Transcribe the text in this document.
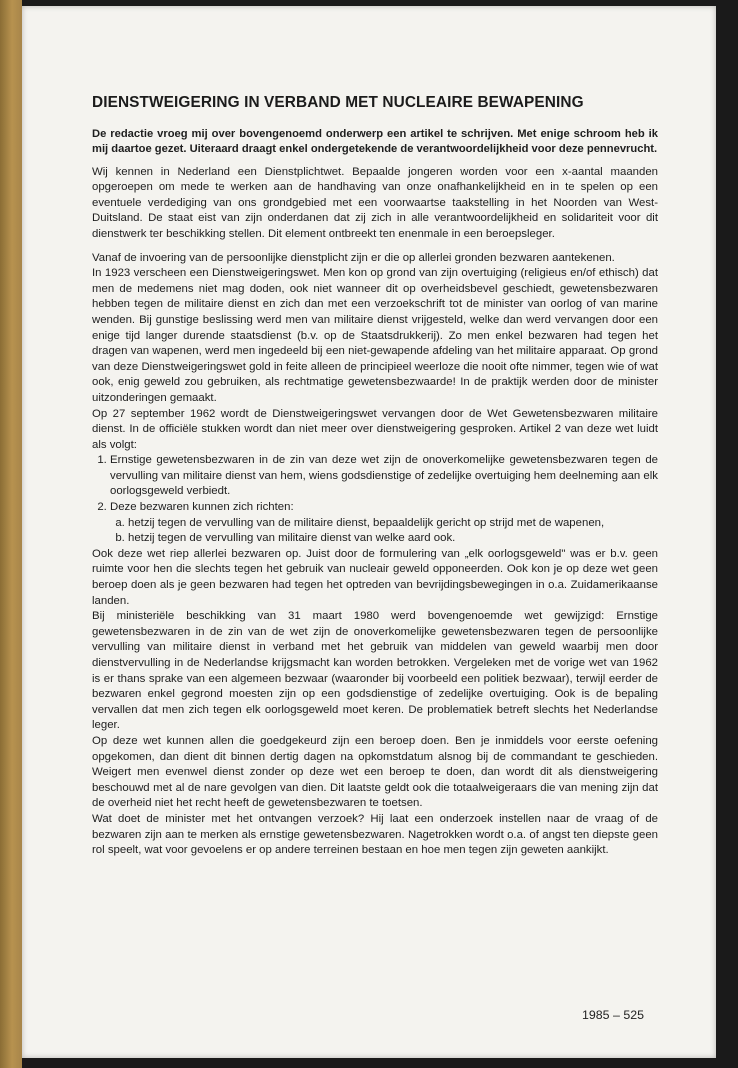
DIENSTWEIGERING IN VERBAND MET NUCLEAIRE BEWAPENING

De redactie vroeg mij over bovengenoemd onderwerp een artikel te schrijven. Met enige schroom heb ik mij daartoe gezet. Uiteraard draagt enkel ondergetekende de verantwoordelijkheid voor deze pennevrucht.

Wij kennen in Nederland een Dienstplichtwet. Bepaalde jongeren worden voor een x-aantal maanden opgeroepen om mede te werken aan de handhaving van onze onafhankelijkheid en in te spelen op een eventuele verdediging van ons grondgebied met een voorwaartse taakstelling in het Noorden van West-Duitsland. De staat eist van zijn onderdanen dat zij zich in alle verantwoordelijkheid en solidariteit voor dit dienstwerk ter beschikking stellen. Dit element ontbreekt ten enenmale in een beroepsleger.

Vanaf de invoering van de persoonlijke dienstplicht zijn er die op allerlei gronden bezwaren aantekenen.

In 1923 verscheen een Dienstweigeringswet. Men kon op grond van zijn overtuiging (religieus en/of ethisch) dat men de medemens niet mag doden, ook niet wanneer dit op overheidsbevel geschiedt, gewetensbezwaren hebben tegen de militaire dienst en zich dan met een verzoekschrift tot de minister van oorlog of van marine wenden. Bij gunstige beslissing werd men van militaire dienst vrijgesteld, welke dan werd vervangen door een enige tijd langer durende staatsdienst (b.v. op de Staatsdrukkerij). Zo men enkel bezwaren had tegen het dragen van wapenen, werd men ingedeeld bij een niet-gewapende afdeling van het militaire apparaat. Op grond van deze Dienstweigeringswet gold in feite alleen de principieel weerloze die nooit ofte nimmer, tegen wie of wat ook, enig geweld zou gebruiken, als rechtmatige gewetensbezwaarde! In de praktijk werden door de minister uitzonderingen gemaakt.

Op 27 september 1962 wordt de Dienstweigeringswet vervangen door de Wet Gewetensbezwaren militaire dienst. In de officiële stukken wordt dan niet meer over dienstweigering gesproken. Artikel 2 van deze wet luidt als volgt:

1. Ernstige gewetensbezwaren in de zin van deze wet zijn de onoverkomelijke gewetensbezwaren tegen de vervulling van militaire dienst van hem, wiens godsdienstige of zedelijke overtuiging hem deelneming aan elk oorlogsgeweld verbiedt.
2. Deze bezwaren kunnen zich richten:
a. hetzij tegen de vervulling van de militaire dienst, bepaaldelijk gericht op strijd met de wapenen,
b. hetzij tegen de vervulling van militaire dienst van welke aard ook.

Ook deze wet riep allerlei bezwaren op. Juist door de formulering van „elk oorlogsgeweld" was er b.v. geen ruimte voor hen die slechts tegen het gebruik van nucleair geweld opponeerden. Ook kon je op deze wet geen beroep doen als je geen bezwaren had tegen het optreden van bevrijdingsbewegingen in o.a. Zuidamerikaanse landen.

Bij ministeriële beschikking van 31 maart 1980 werd bovengenoemde wet gewijzigd: Ernstige gewetensbezwaren in de zin van de wet zijn de onoverkomelijke gewetensbezwaren tegen de persoonlijke vervulling van militaire dienst in verband met het gebruik van middelen van geweld waarbij men door dienstvervulling in de Nederlandse krijgsmacht kan worden betrokken. Vergeleken met de vorige wet van 1962 is er thans sprake van een algemeen bezwaar (waaronder bij voorbeeld een politiek bezwaar), terwijl eerder de bezwaren enkel gegrond moesten zijn op een godsdienstige of zedelijke overtuiging. Ook is de bepaling vervallen dat men zich tegen elk oorlogsgeweld moet keren. De problematiek betreft slechts het Nederlandse leger.

Op deze wet kunnen allen die goedgekeurd zijn een beroep doen. Ben je inmiddels voor eerste oefening opgekomen, dan dient dit binnen dertig dagen na opkomstdatum alsnog bij de commandant te geschieden. Weigert men evenwel dienst zonder op deze wet een beroep te doen, dan wordt dit als dienstweigering beschouwd met al de nare gevolgen van dien. Dit laatste geldt ook die totaalweigeraars die van mening zijn dat de overheid niet het recht heeft de gewetensbezwaren te toetsen.

Wat doet de minister met het ontvangen verzoek? Hij laat een onderzoek instellen naar de vraag of de bezwaren zijn aan te merken als ernstige gewetensbezwaren. Nagetrokken wordt o.a. of angst ten diepste geen rol speelt, wat voor gevoelens er op andere terreinen bestaan en hoe men tegen zijn geweten aankijkt.

1985 – 525
